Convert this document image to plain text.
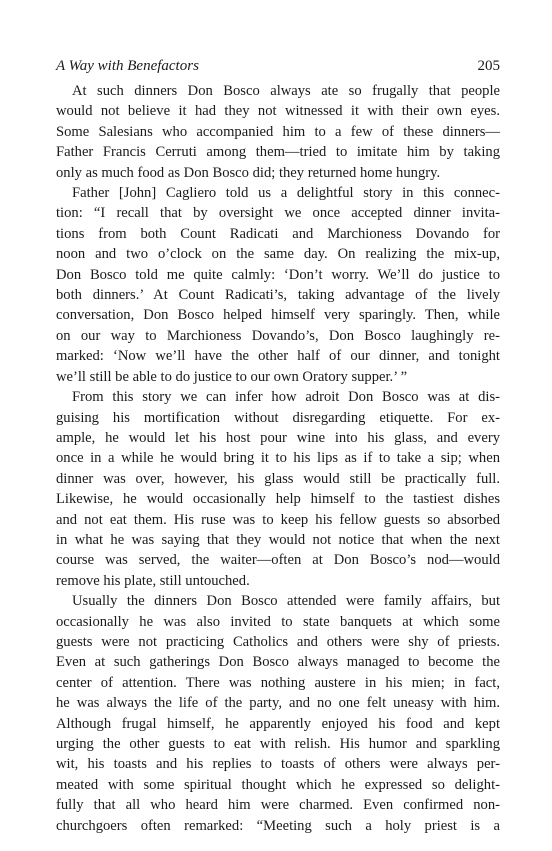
A Way with Benefactors	205
At such dinners Don Bosco always ate so frugally that people
would not believe it had they not witnessed it with their own eyes.
Some Salesians who accompanied him to a few of these dinners—
Father Francis Cerruti among them—tried to imitate him by taking
only as much food as Don Bosco did; they returned home hungry.
Father [John] Cagliero told us a delightful story in this connec-
tion: “I recall that by oversight we once accepted dinner invita-
tions from both Count Radicati and Marchioness Dovando for
noon and two o’clock on the same day. On realizing the mix-up,
Don Bosco told me quite calmly: ‘Don’t worry. We’ll do justice to
both dinners.’ At Count Radicati’s, taking advantage of the lively
conversation, Don Bosco helped himself very sparingly. Then, while
on our way to Marchioness Dovando’s, Don Bosco laughingly re-
marked: ‘Now we’ll have the other half of our dinner, and tonight
we’ll still be able to do justice to our own Oratory supper.’ ”
From this story we can infer how adroit Don Bosco was at dis-
guising his mortification without disregarding etiquette. For ex-
ample, he would let his host pour wine into his glass, and every
once in a while he would bring it to his lips as if to take a sip; when
dinner was over, however, his glass would still be practically full.
Likewise, he would occasionally help himself to the tastiest dishes
and not eat them. His ruse was to keep his fellow guests so absorbed
in what he was saying that they would not notice that when the next
course was served, the waiter—often at Don Bosco’s nod—would
remove his plate, still untouched.
Usually the dinners Don Bosco attended were family affairs, but
occasionally he was also invited to state banquets at which some
guests were not practicing Catholics and others were shy of priests.
Even at such gatherings Don Bosco always managed to become the
center of attention. There was nothing austere in his mien; in fact,
he was always the life of the party, and no one felt uneasy with him.
Although frugal himself, he apparently enjoyed his food and kept
urging the other guests to eat with relish. His humor and sparkling
wit, his toasts and his replies to toasts of others were always per-
meated with some spiritual thought which he expressed so delight-
fully that all who heard him were charmed. Even confirmed non-
churchgoers often remarked: “Meeting such a holy priest is a
